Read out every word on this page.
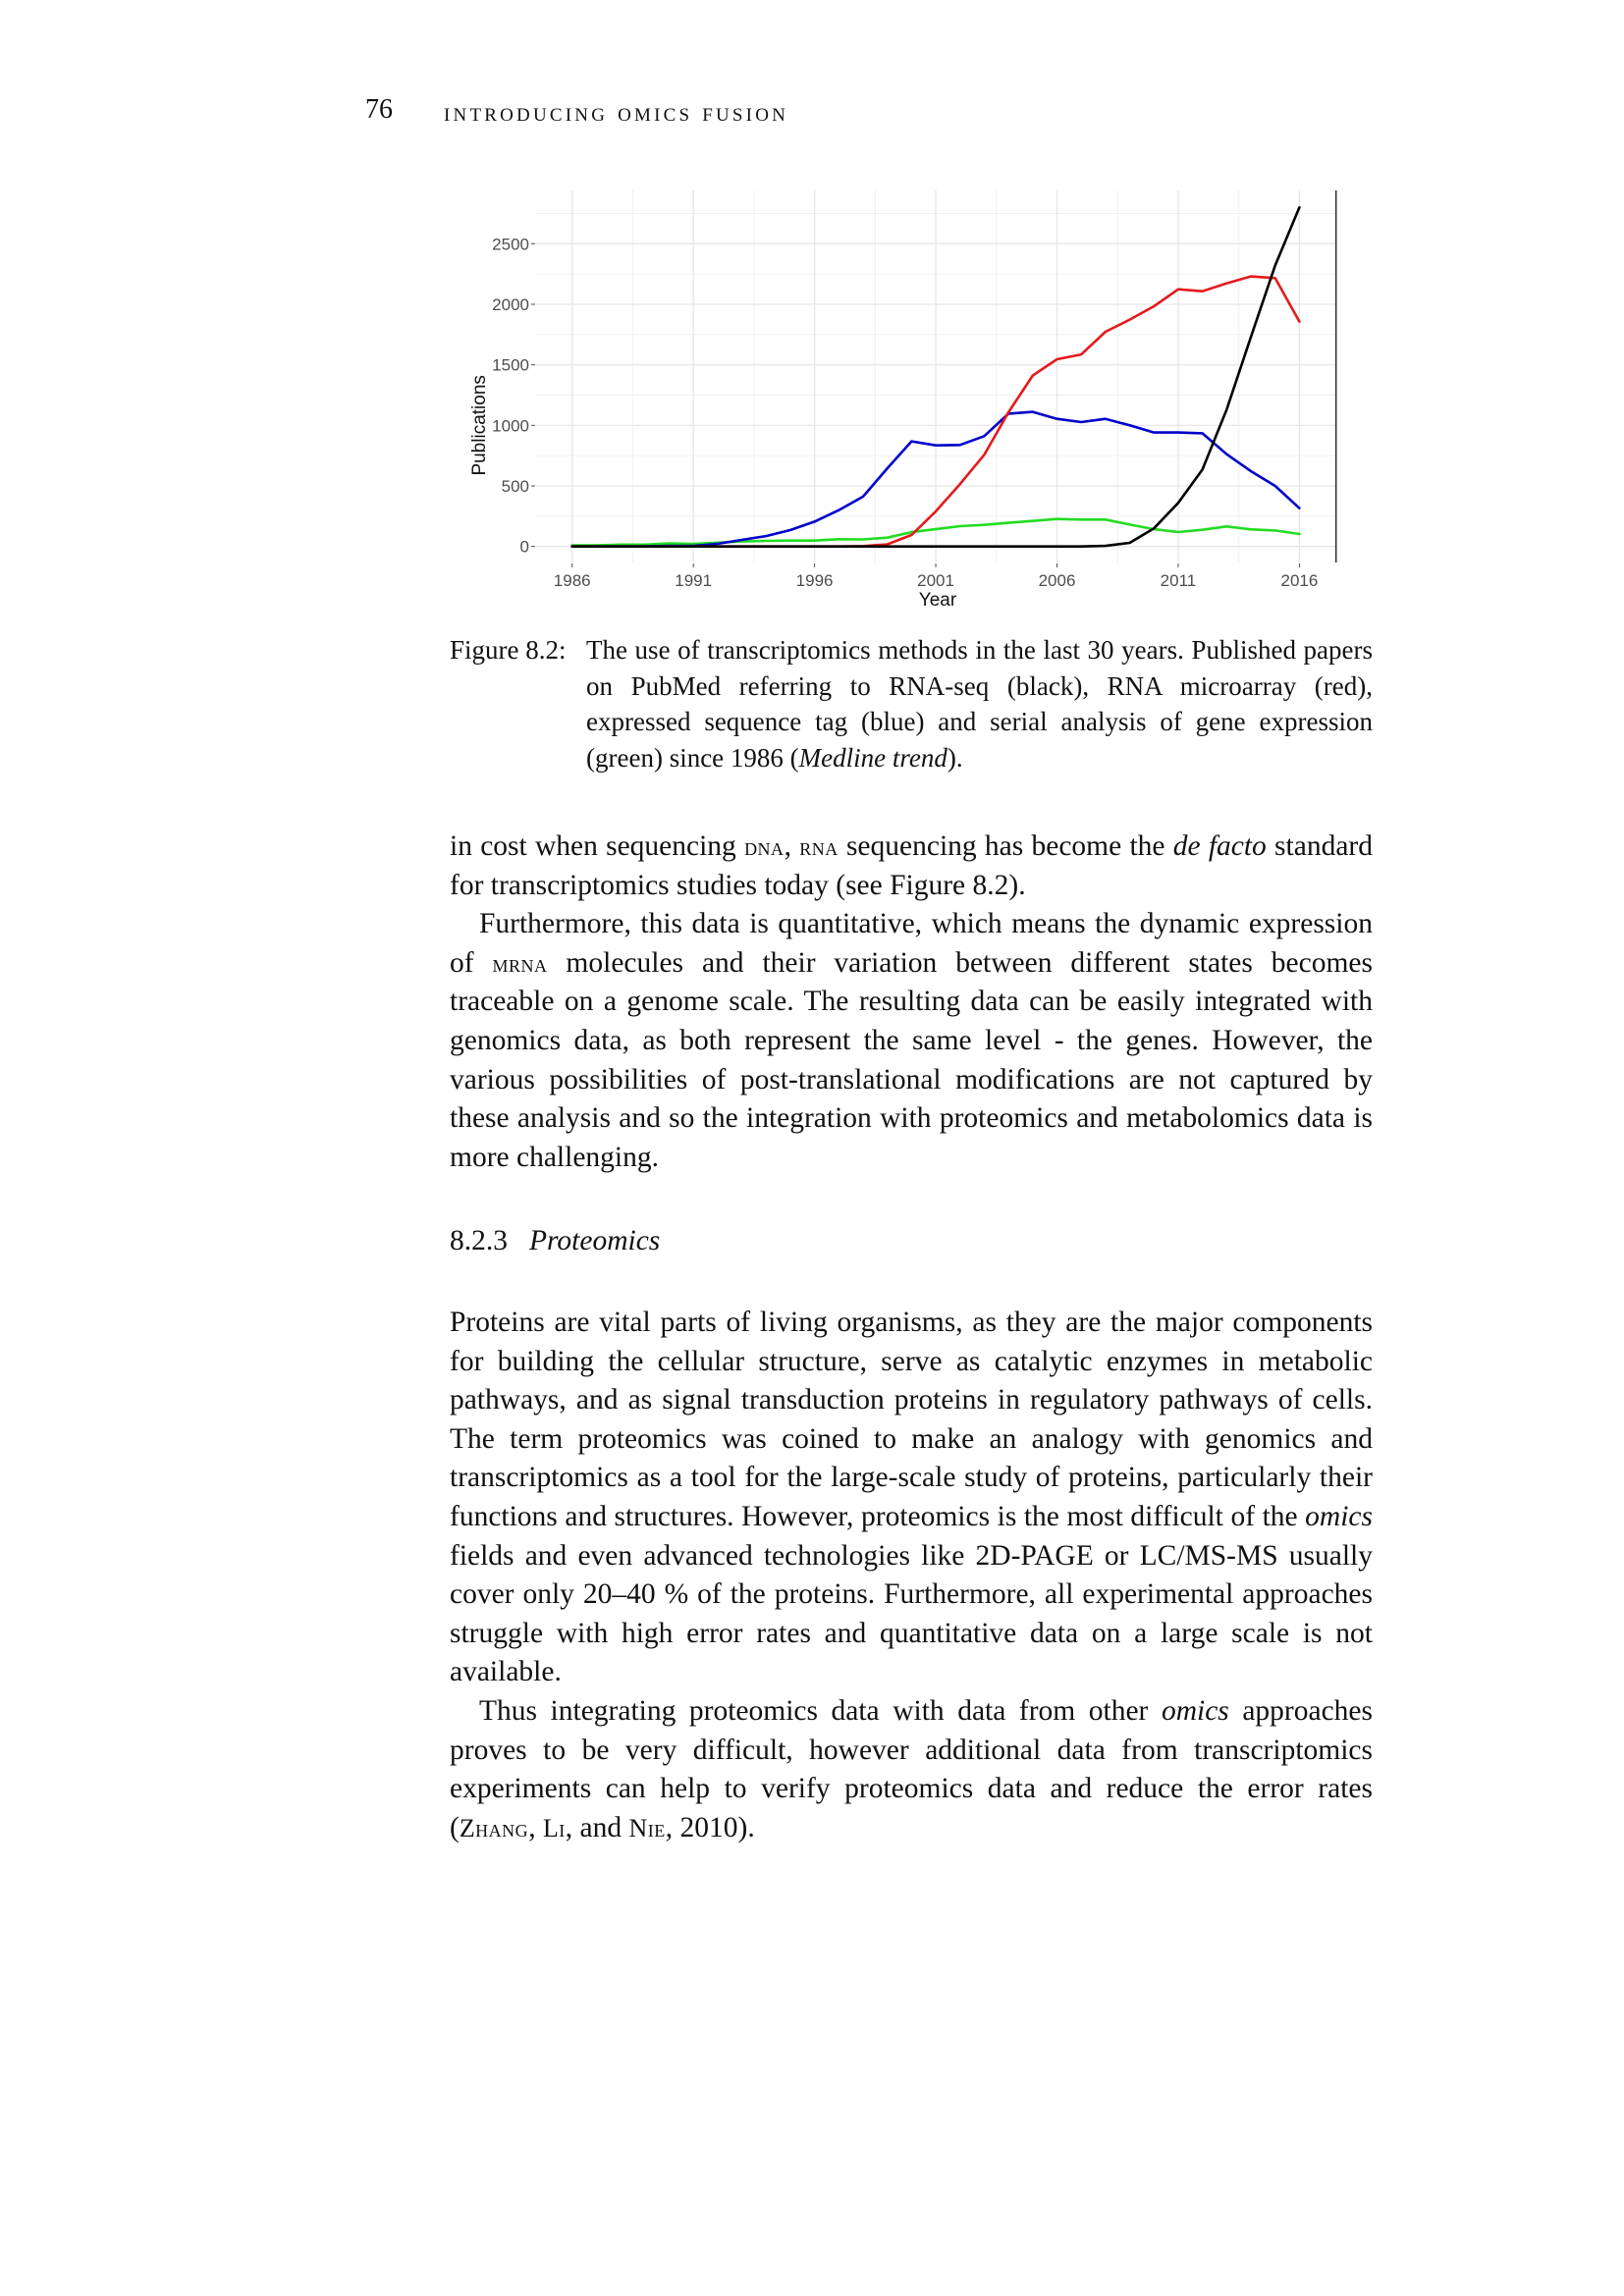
76 introducing omics fusion
0
500
1000
1500
2000
2500
1986	1991	1996	2001	2006	2011	2016
Year
Publications
Figure 8.2: The use of transcriptomics methods in the last 30 years. Published papers on PubMed referring to RNA-seq (black), RNA microarray (red), expressed sequence tag (blue) and serial analysis of gene expression (green) since 1986 (Medline trend).

in cost when sequencing dna, rna sequencing has become the de facto standard for transcriptomics studies today (see Figure 8.2).

Furthermore, this data is quantitative, which means the dynamic expression of mrna molecules and their variation between different states becomes traceable on a genome scale. The resulting data can be easily integrated with genomics data, as both represent the same level - the genes. However, the various possibilities of post-translational modifications are not captured by these analysis and so the integration with proteomics and metabolomics data is more challenging.

8.2.3 Proteomics

Proteins are vital parts of living organisms, as they are the major components for building the cellular structure, serve as catalytic enzymes in metabolic pathways, and as signal transduction proteins in regulatory pathways of cells. The term proteomics was coined to make an analogy with genomics and transcriptomics as a tool for the large-scale study of proteins, particularly their functions and structures. However, proteomics is the most difficult of the omics fields and even advanced technologies like 2D-PAGE or LC/MS-MS usually cover only 20–40 % of the proteins. Furthermore, all experimental approaches struggle with high error rates and quantitative data on a large scale is not available.

Thus integrating proteomics data with data from other omics approaches proves to be very difficult, however additional data from transcriptomics experiments can help to verify proteomics data and reduce the error rates (Zhang, Li, and Nie, 2010).
